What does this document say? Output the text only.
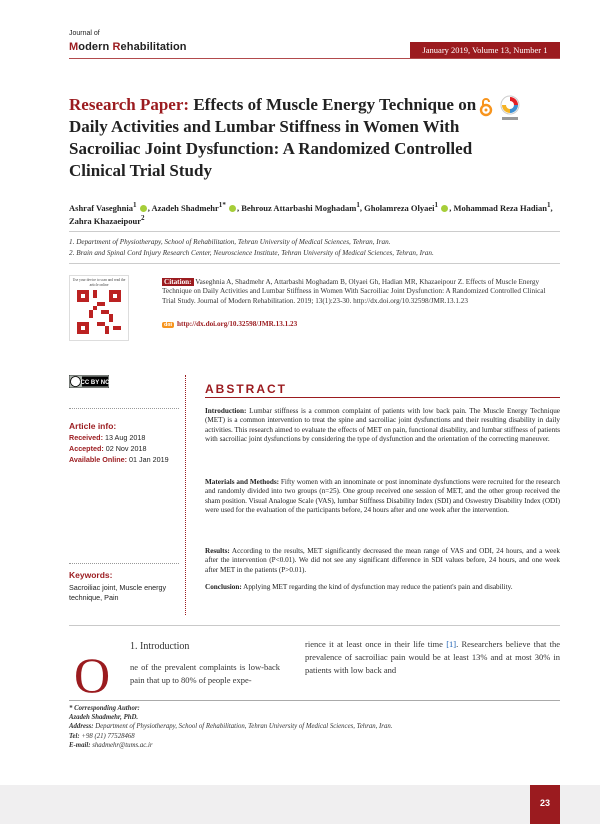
Journal of
Modern Rehabilitation	January 2019, Volume 13, Number 1
Research Paper: Effects of Muscle Energy Technique on Daily Activities and Lumbar Stiffness in Women With Sacroiliac Joint Dysfunction: A Randomized Controlled Clinical Trial Study
Ashraf Vaseghnia$^1$ , Azadeh Shadmehr$^{1*}$ , Behrouz Attarbashi Moghadam$^1$, Gholamreza Olyaei$^1$ , Mohammad Reza Hadian$^1$, Zahra Khazaeipour$^2$
1. Department of Physiotherapy, School of Rehabilitation, Tehran University of Medical Sciences, Tehran, Iran.
2. Brain and Spinal Cord Injury Research Center, Neuroscience Institute, Tehran University of Medical Sciences, Tehran, Iran.
Use your device to scan and read the article online	Citation: Vaseghnia A, Shadmehr A, Attarbashi Moghadam B, Olyaei Gh, Hadian MR, Khazaeipour Z. Effects of Muscle Energy Technique on Daily Activities and Lumbar Stiffness in Women With Sacroiliac Joint Dysfunction: A Randomized Controlled Clinical Trial Study. Journal of Modern Rehabilitation. 2019; 13(1):23-30. http://dx.doi.org/10.32598/JMR.13.1.23
doi http://dx.doi.org/10.32598/JMR.13.1.23
CC BY NC	ABSTRACT
Article info:
Received: 13 Aug 2018
Accepted: 02 Nov 2018
Available Online: 01 Jan 2019
Keywords:
Sacroiliac joint, Muscle energy technique, Pain
Introduction: Lumbar stiffness is a common complaint of patients with low back pain. The Muscle Energy Technique (MET) is a common intervention to treat the spine and sacroiliac joint dysfunctions and their resulting disability in daily activities. This research aimed to evaluate the effects of MET on pain, functional disability, and lumbar stiffness of patients with sacroiliac joint dysfunctions by considering the type of dysfunction and the orientation of the correcting maneuver.
Materials and Methods: Fifty women with an innominate or post innominate dysfunctions were recruited for the research and randomly divided into two groups (n=25). One group received one session of MET, and the other group received the sham position. Visual Analogue Scale (VAS), lumbar Stiffness Disability Index (SDI) and Oswestry Disability Index (ODI) were used for the evaluation of the participants before, 24 hours after and one week after the intervention.
Results: According to the results, MET significantly decreased the mean range of VAS and ODI, 24 hours, and a week after the intervention (P<0.01). We did not see any significant difference in SDI values before, 24 hours, and one week after MET in the patients (P>0.01).
Conclusion: Applying MET regarding the kind of dysfunction may reduce the patient's pain and disability.
O
1. Introduction
ne of the prevalent complaints is low-back pain that up to 80% of people expe-
rience it at least once in their life time [1]. Researchers believe that the prevalence of sacroiliac pain would be at least 13% and at most 30% in patients with low back and
* Corresponding Author:
Azadeh Shadmehr, PhD.
Address: Department of Physiotherapy, School of Rehabilitation, Tehran University of Medical Sciences, Tehran, Iran.
Tel: +98 (21) 77528468
E-mail: shadmehr@tums.ac.ir
23
